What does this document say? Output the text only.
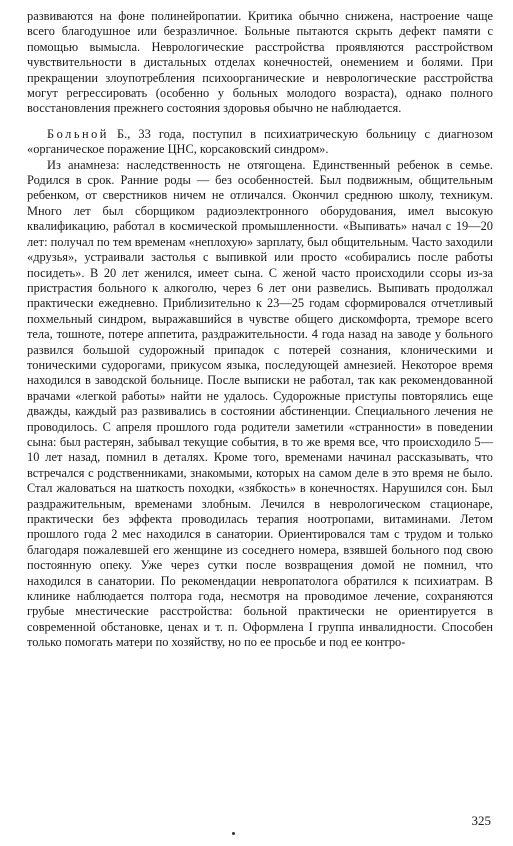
развиваются на фоне полинейропатии. Критика обычно снижена, настроение чаще всего благодушное или безразличное. Больные пытаются скрыть дефект памяти с помощью вымысла. Неврологические расстройства проявляются расстройством чувствительности в дистальных отделах конечностей, онемением и болями. При прекращении злоупотребления психоорганические и неврологические расстройства могут регрессировать (особенно у больных молодого возраста), однако полного восстановления прежнего состояния здоровья обычно не наблюдается.

Больной Б., 33 года, поступил в психиатрическую больницу с диагнозом «органическое поражение ЦНС, корсаковский синдром».

Из анамнеза: наследственность не отягощена. Единственный ребенок в семье. Родился в срок. Ранние роды — без особенностей. Был подвижным, общительным ребенком, от сверстников ничем не отличался. Окончил среднюю школу, техникум. Много лет был сборщиком радиоэлектронного оборудования, имел высокую квалификацию, работал в космической промышленности. «Выпивать» начал с 19—20 лет: получал по тем временам «неплохую» зарплату, был общительным. Часто заходили «друзья», устраивали застолья с выпивкой или просто «собирались после работы посидеть». В 20 лет женился, имеет сына. С женой часто происходили ссоры из-за пристрастия больного к алкоголю, через 6 лет они развелись. Выпивать продолжал практически ежедневно. Приблизительно к 23—25 годам сформировался отчетливый похмельный синдром, выражавшийся в чувстве общего дискомфорта, треморе всего тела, тошноте, потере аппетита, раздражительности. 4 года назад на заводе у больного развился большой судорожный припадок с потерей сознания, клоническими и тоническими судорогами, прикусом языка, последующей амнезией. Некоторое время находился в заводской больнице. После выписки не работал, так как рекомендованной врачами «легкой работы» найти не удалось. Судорожные приступы повторялись еще дважды, каждый раз развивались в состоянии абстиненции. Специального лечения не проводилось. С апреля прошлого года родители заметили «странности» в поведении сына: был растерян, забывал текущие события, в то же время все, что происходило 5—10 лет назад, помнил в деталях. Кроме того, временами начинал рассказывать, что встречался с родственниками, знакомыми, которых на самом деле в это время не было. Стал жаловаться на шаткость походки, «зябкость» в конечностях. Нарушился сон. Был раздражительным, временами злобным. Лечился в неврологическом стационаре, практически без эффекта проводилась терапия ноотропами, витаминами. Летом прошлого года 2 мес находился в санатории. Ориентировался там с трудом и только благодаря пожалевшей его женщине из соседнего номера, взявшей больного под свою постоянную опеку. Уже через сутки после возвращения домой не помнил, что находился в санатории. По рекомендации невропатолога обратился к психиатрам. В клинике наблюдается полтора года, несмотря на проводимое лечение, сохраняются грубые мнестические расстройства: больной практически не ориентируется в современной обстановке, ценах и т. п. Оформлена I группа инвалидности. Способен только помогать матери по хозяйству, но по ее просьбе и под ее контро-

325
